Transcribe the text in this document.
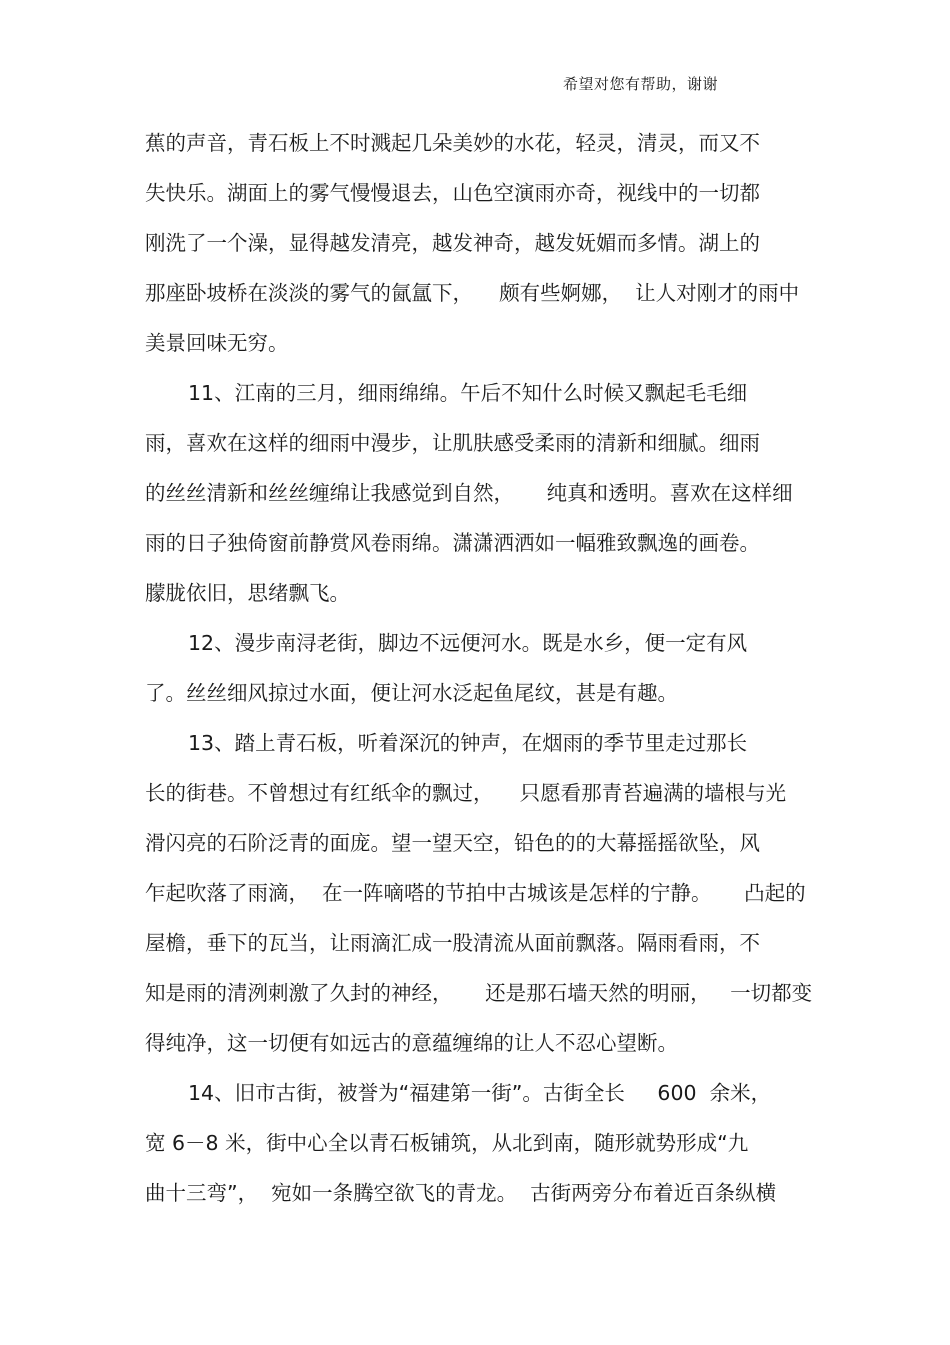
希望对您有帮助，谢谢
蕉的声音，青石板上不时溅起几朵美妙的水花，轻灵，清灵，而又不
失快乐。湖面上的雾气慢慢退去，山色空演雨亦奇，视线中的一切都
刚洗了一个澡，显得越发清亮，越发神奇，越发妩媚而多情。湖上的
那座卧坡桥在淡淡的雾气的氤氲下，    颇有些婀娜，  让人对刚才的雨中
美景回味无穷。
11、江南的三月，细雨绵绵。午后不知什么时候又飘起毛毛细
雨，喜欢在这样的细雨中漫步，让肌肤感受柔雨的清新和细腻。细雨
的丝丝清新和丝丝缠绵让我感觉到自然，     纯真和透明。喜欢在这样细
雨的日子独倚窗前静赏风卷雨绵。潇潇洒洒如一幅雅致飘逸的画卷。
朦胧依旧，思绪飘飞。
12、漫步南浔老街，脚边不远便河水。既是水乡，便一定有风
了。丝丝细风掠过水面，便让河水泛起鱼尾纹，甚是有趣。
13、踏上青石板，听着深沉的钟声，在烟雨的季节里走过那长
长的街巷。不曾想过有红纸伞的飘过，    只愿看那青苔遍满的墙根与光
滑闪亮的石阶泛青的面庞。望一望天空，铅色的的大幕摇摇欲坠，风
乍起吹落了雨滴，  在一阵嘀嗒的节拍中古城该是怎样的宁静。     凸起的
屋檐，垂下的瓦当，让雨滴汇成一股清流从面前飘落。隔雨看雨，不
知是雨的清洌刺激了久封的神经，     还是那石墙天然的明丽，   一切都变
得纯净，这一切便有如远古的意蕴缠绵的让人不忍心望断。
14、旧市古街，被誉为“福建第一街”。古街全长     600  余米，
宽 6－8 米，街中心全以青石板铺筑，从北到南，随形就势形成“九
曲十三弯”，  宛如一条腾空欲飞的青龙。  古街两旁分布着近百条纵横
